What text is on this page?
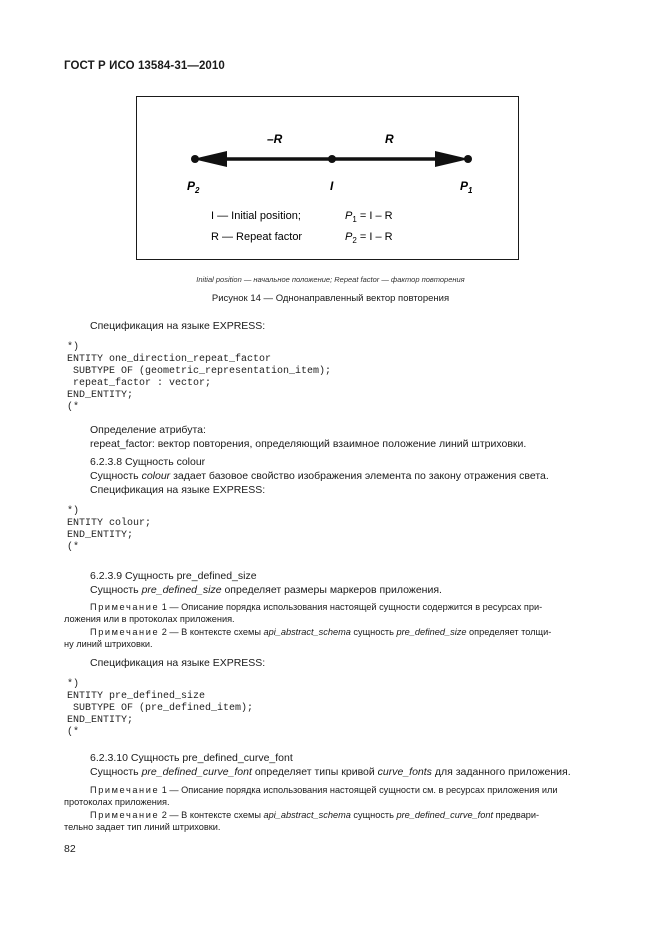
ГОСТ Р ИСО 13584-31—2010
–R	R
$P_2$	I	$P_1$
I — Initial position;
R — Repeat factor
$P_1 = I - R$
$P_2 = I - R$
Initial position — начальное положение; Repeat factor — фактор повторения
Рисунок 14 — Однонаправленный вектор повторения
Спецификация на языке EXPRESS:
*)
ENTITY one_direction_repeat_factor
SUBTYPE OF (geometric_representation_item);
repeat_factor : vector;
END_ENTITY;
(*
Определение атрибута:
repeat_factor: вектор повторения, определяющий взаимное положение линий штриховки.
6.2.3.8 Сущность colour
Сущность colour задает базовое свойство изображения элемента по закону отражения света.
Спецификация на языке EXPRESS:
*)
ENTITY colour;
END_ENTITY;
(*
6.2.3.9 Сущность pre_defined_size
Сущность pre_defined_size определяет размеры маркеров приложения.
Примечание 1 — Описание порядка использования настоящей сущности содержится в ресурсах при-
ложения или в протоколах приложения.
Примечание 2 — В контексте схемы api_abstract_schema сущность pre_defined_size определяет толщи-
ну линий штриховки.
Спецификация на языке EXPRESS:
*)
ENTITY pre_defined_size
SUBTYPE OF (pre_defined_item);
END_ENTITY;
(*
6.2.3.10 Сущность pre_defined_curve_font
Сущность pre_defined_curve_font определяет типы кривой curve_fonts для заданного приложения.
Примечание 1 — Описание порядка использования настоящей сущности см. в ресурсах приложения или
протоколах приложения.
Примечание 2 — В контексте схемы api_abstract_schema сущность pre_defined_curve_font предвари-
тельно задает тип линий штриховки.
82
